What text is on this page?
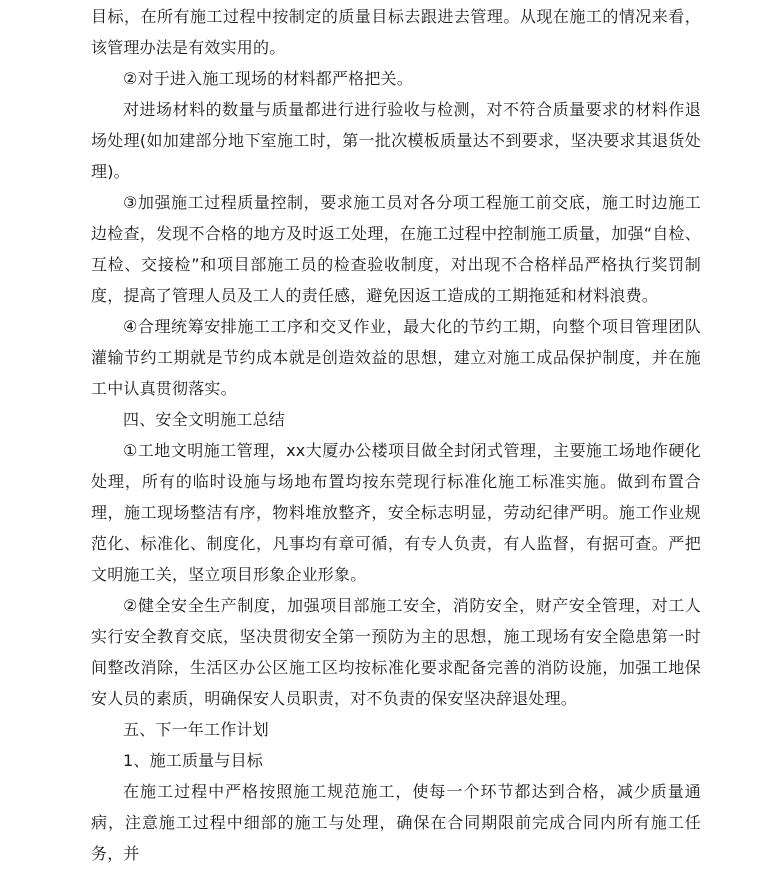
目标，在所有施工过程中按制定的质量目标去跟进去管理。从现在施工的情况来看，该管理办法是有效实用的。

②对于进入施工现场的材料都严格把关。

对进场材料的数量与质量都进行进行验收与检测，对不符合质量要求的材料作退场处理(如加建部分地下室施工时，第一批次模板质量达不到要求，坚决要求其退货处理)。

③加强施工过程质量控制，要求施工员对各分项工程施工前交底，施工时边施工边检查，发现不合格的地方及时返工处理，在施工过程中控制施工质量，加强“自检、互检、交接检”和项目部施工员的检查验收制度，对出现不合格样品严格执行奖罚制度，提高了管理人员及工人的责任感，避免因返工造成的工期拖延和材料浪费。

④合理统筹安排施工工序和交叉作业，最大化的节约工期，向整个项目管理团队灌输节约工期就是节约成本就是创造效益的思想，建立对施工成品保护制度，并在施工中认真贯彻落实。

四、安全文明施工总结

①工地文明施工管理，xx大厦办公楼项目做全封闭式管理，主要施工场地作硬化处理，所有的临时设施与场地布置均按东莞现行标准化施工标准实施。做到布置合理，施工现场整洁有序，物料堆放整齐，安全标志明显，劳动纪律严明。施工作业规范化、标准化、制度化，凡事均有章可循，有专人负责，有人监督，有据可查。严把文明施工关，坚立项目形象企业形象。

②健全安全生产制度，加强项目部施工安全，消防安全，财产安全管理，对工人实行安全教育交底，坚决贯彻安全第一预防为主的思想，施工现场有安全隐患第一时间整改消除，生活区办公区施工区均按标准化要求配备完善的消防设施，加强工地保安人员的素质，明确保安人员职责，对不负责的保安坚决辞退处理。

五、下一年工作计划

1、施工质量与目标

在施工过程中严格按照施工规范施工，使每一个环节都达到合格，减少质量通病，注意施工过程中细部的施工与处理，确保在合同期限前完成合同内所有施工任务，并
